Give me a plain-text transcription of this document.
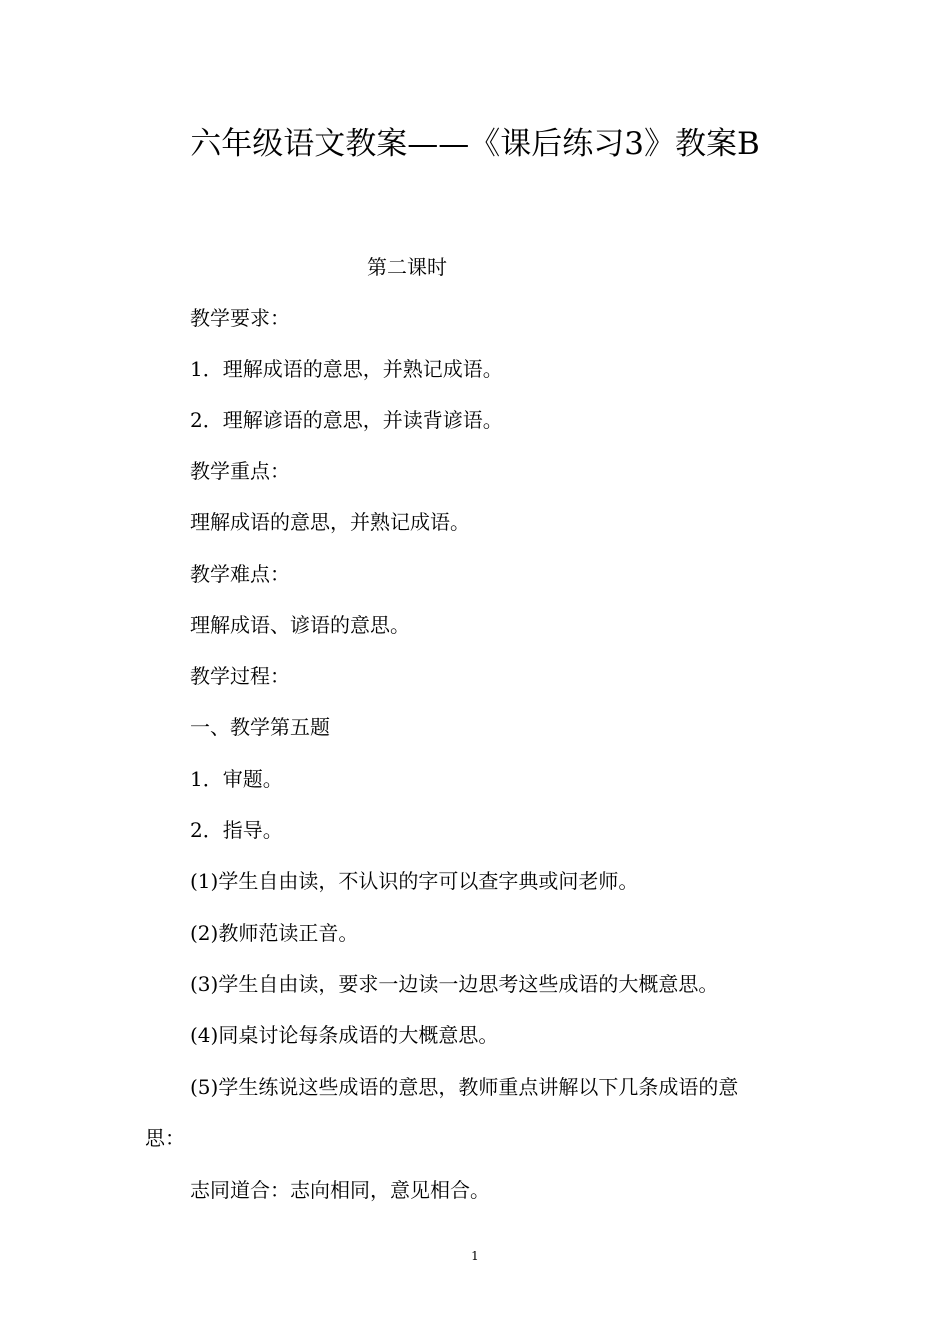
六年级语文教案——《课后练习3》教案B
第二课时
教学要求：
1．理解成语的意思，并熟记成语。
2．理解谚语的意思，并读背谚语。
教学重点：
理解成语的意思，并熟记成语。
教学难点：
理解成语、谚语的意思。
教学过程：
一、教学第五题
1．审题。
2．指导。
(1)学生自由读，不认识的字可以查字典或问老师。
(2)教师范读正音。
(3)学生自由读，要求一边读一边思考这些成语的大概意思。
(4)同桌讨论每条成语的大概意思。
(5)学生练说这些成语的意思，教师重点讲解以下几条成语的意
思：
志同道合：志向相同，意见相合。
1
